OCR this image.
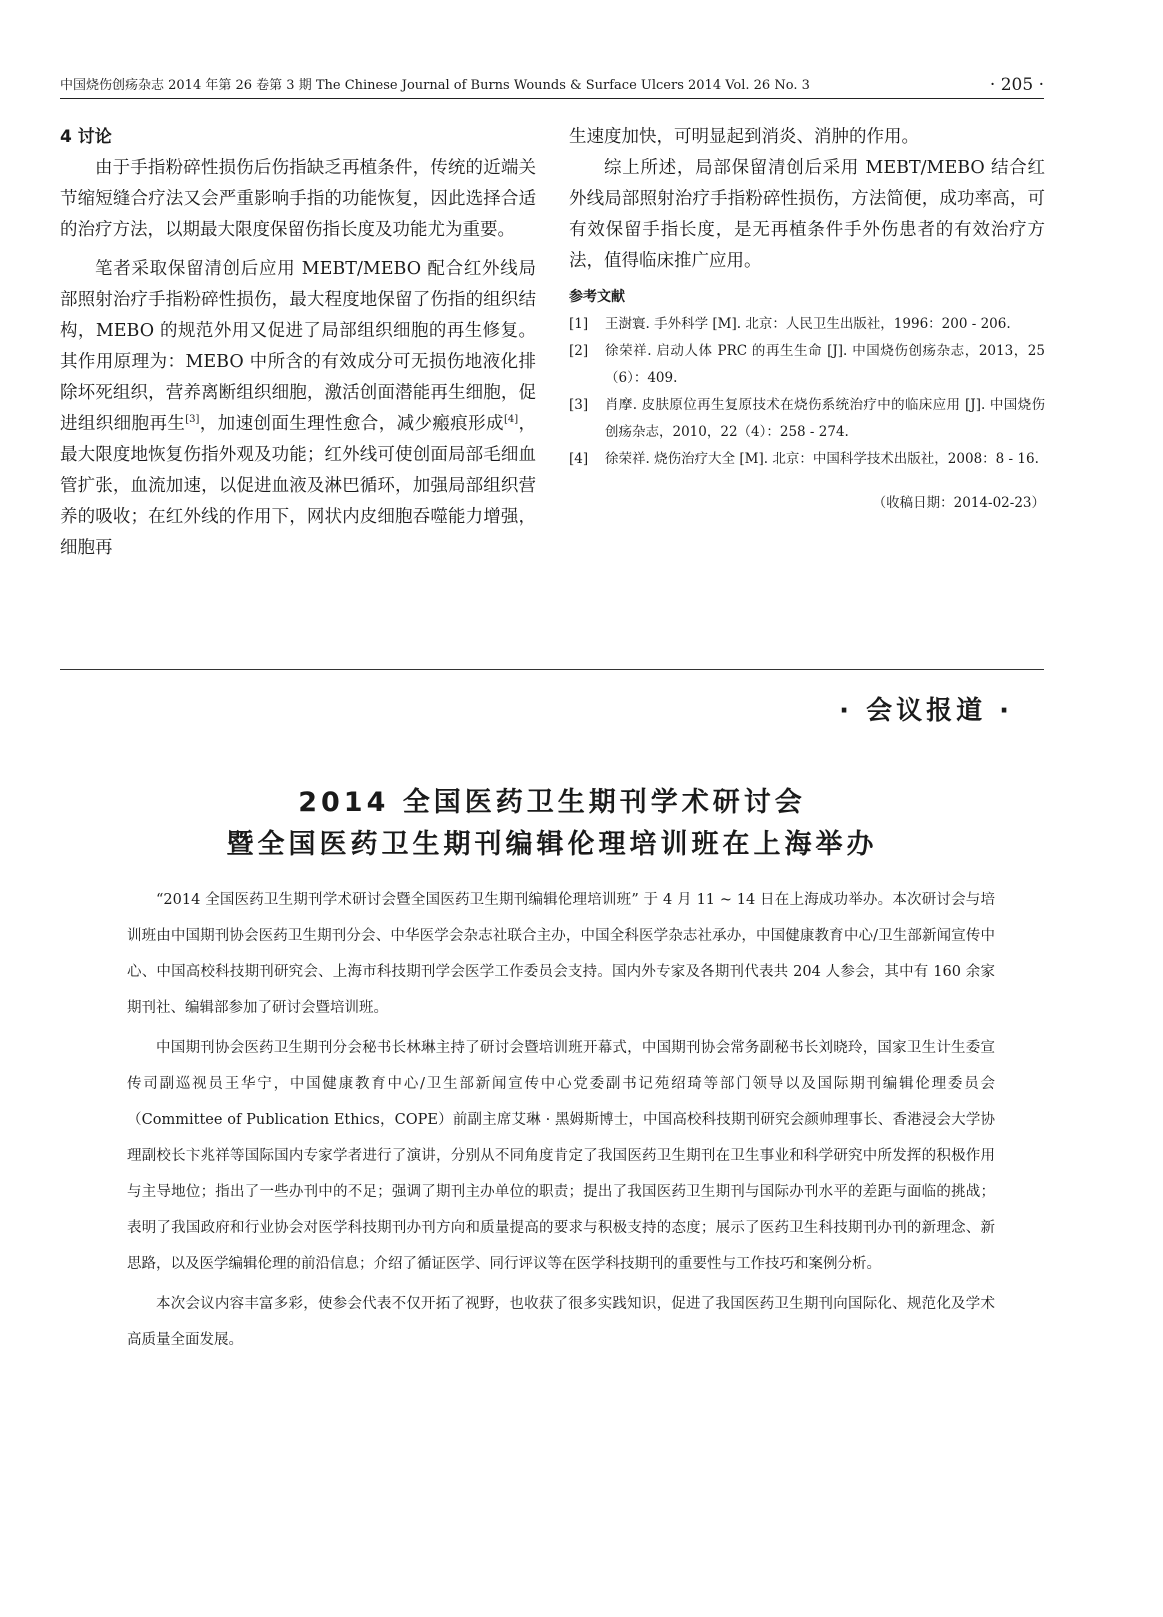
中国烧伤创疡杂志 2014 年第 26 卷第 3 期 The Chinese Journal of Burns Wounds & Surface Ulcers 2014 Vol. 26 No. 3	· 205 ·
4 讨论

由于手指粉碎性损伤后伤指缺乏再植条件，传统的近端关节缩短缝合疗法又会严重影响手指的功能恢复，因此选择合适的治疗方法，以期最大限度保留伤指长度及功能尤为重要。

笔者采取保留清创后应用 MEBT/MEBO 配合红外线局部照射治疗手指粉碎性损伤，最大程度地保留了伤指的组织结构，MEBO 的规范外用又促进了局部组织细胞的再生修复。其作用原理为：MEBO 中所含的有效成分可无损伤地液化排除坏死组织，营养离断组织细胞，激活创面潜能再生细胞，促进组织细胞再生[3]，加速创面生理性愈合，减少瘢痕形成[4]，最大限度地恢复伤指外观及功能；红外线可使创面局部毛细血管扩张，血流加速，以促进血液及淋巴循环，加强局部组织营养的吸收；在红外线的作用下，网状内皮细胞吞噬能力增强，细胞再

生速度加快，可明显起到消炎、消肿的作用。

综上所述，局部保留清创后采用 MEBT/MEBO 结合红外线局部照射治疗手指粉碎性损伤，方法简便，成功率高，可有效保留手指长度，是无再植条件手外伤患者的有效治疗方法，值得临床推广应用。

参考文献
[1] 王澍寰. 手外科学 [M]. 北京：人民卫生出版社，1996：200 - 206.
[2] 徐荣祥. 启动人体 PRC 的再生生命 [J]. 中国烧伤创疡杂志，2013，25（6）：409.
[3] 肖摩. 皮肤原位再生复原技术在烧伤系统治疗中的临床应用 [J]. 中国烧伤创疡杂志，2010，22（4）：258 - 274.
[4] 徐荣祥. 烧伤治疗大全 [M]. 北京：中国科学技术出版社，2008：8 - 16.
（收稿日期：2014-02-23）
· 会议报道 ·
2014 全国医药卫生期刊学术研讨会
暨全国医药卫生期刊编辑伦理培训班在上海举办

“2014 全国医药卫生期刊学术研讨会暨全国医药卫生期刊编辑伦理培训班” 于 4 月 11 ~ 14 日在上海成功举办。本次研讨会与培训班由中国期刊协会医药卫生期刊分会、中华医学会杂志社联合主办，中国全科医学杂志社承办，中国健康教育中心/卫生部新闻宣传中心、中国高校科技期刊研究会、上海市科技期刊学会医学工作委员会支持。国内外专家及各期刊代表共 204 人参会，其中有 160 余家期刊社、编辑部参加了研讨会暨培训班。

中国期刊协会医药卫生期刊分会秘书长林琳主持了研讨会暨培训班开幕式，中国期刊协会常务副秘书长刘晓玲，国家卫生计生委宣传司副巡视员王华宁，中国健康教育中心/卫生部新闻宣传中心党委副书记苑绍琦等部门领导以及国际期刊编辑伦理委员会（Committee of Publication Ethics，COPE）前副主席艾琳 · 黑姆斯博士，中国高校科技期刊研究会颜帅理事长、香港浸会大学协理副校长卞兆祥等国际国内专家学者进行了演讲，分别从不同角度肯定了我国医药卫生期刊在卫生事业和科学研究中所发挥的积极作用与主导地位；指出了一些办刊中的不足；强调了期刊主办单位的职责；提出了我国医药卫生期刊与国际办刊水平的差距与面临的挑战；表明了我国政府和行业协会对医学科技期刊办刊方向和质量提高的要求与积极支持的态度；展示了医药卫生科技期刊办刊的新理念、新思路，以及医学编辑伦理的前沿信息；介绍了循证医学、同行评议等在医学科技期刊的重要性与工作技巧和案例分析。

本次会议内容丰富多彩，使参会代表不仅开拓了视野，也收获了很多实践知识，促进了我国医药卫生期刊向国际化、规范化及学术高质量全面发展。
